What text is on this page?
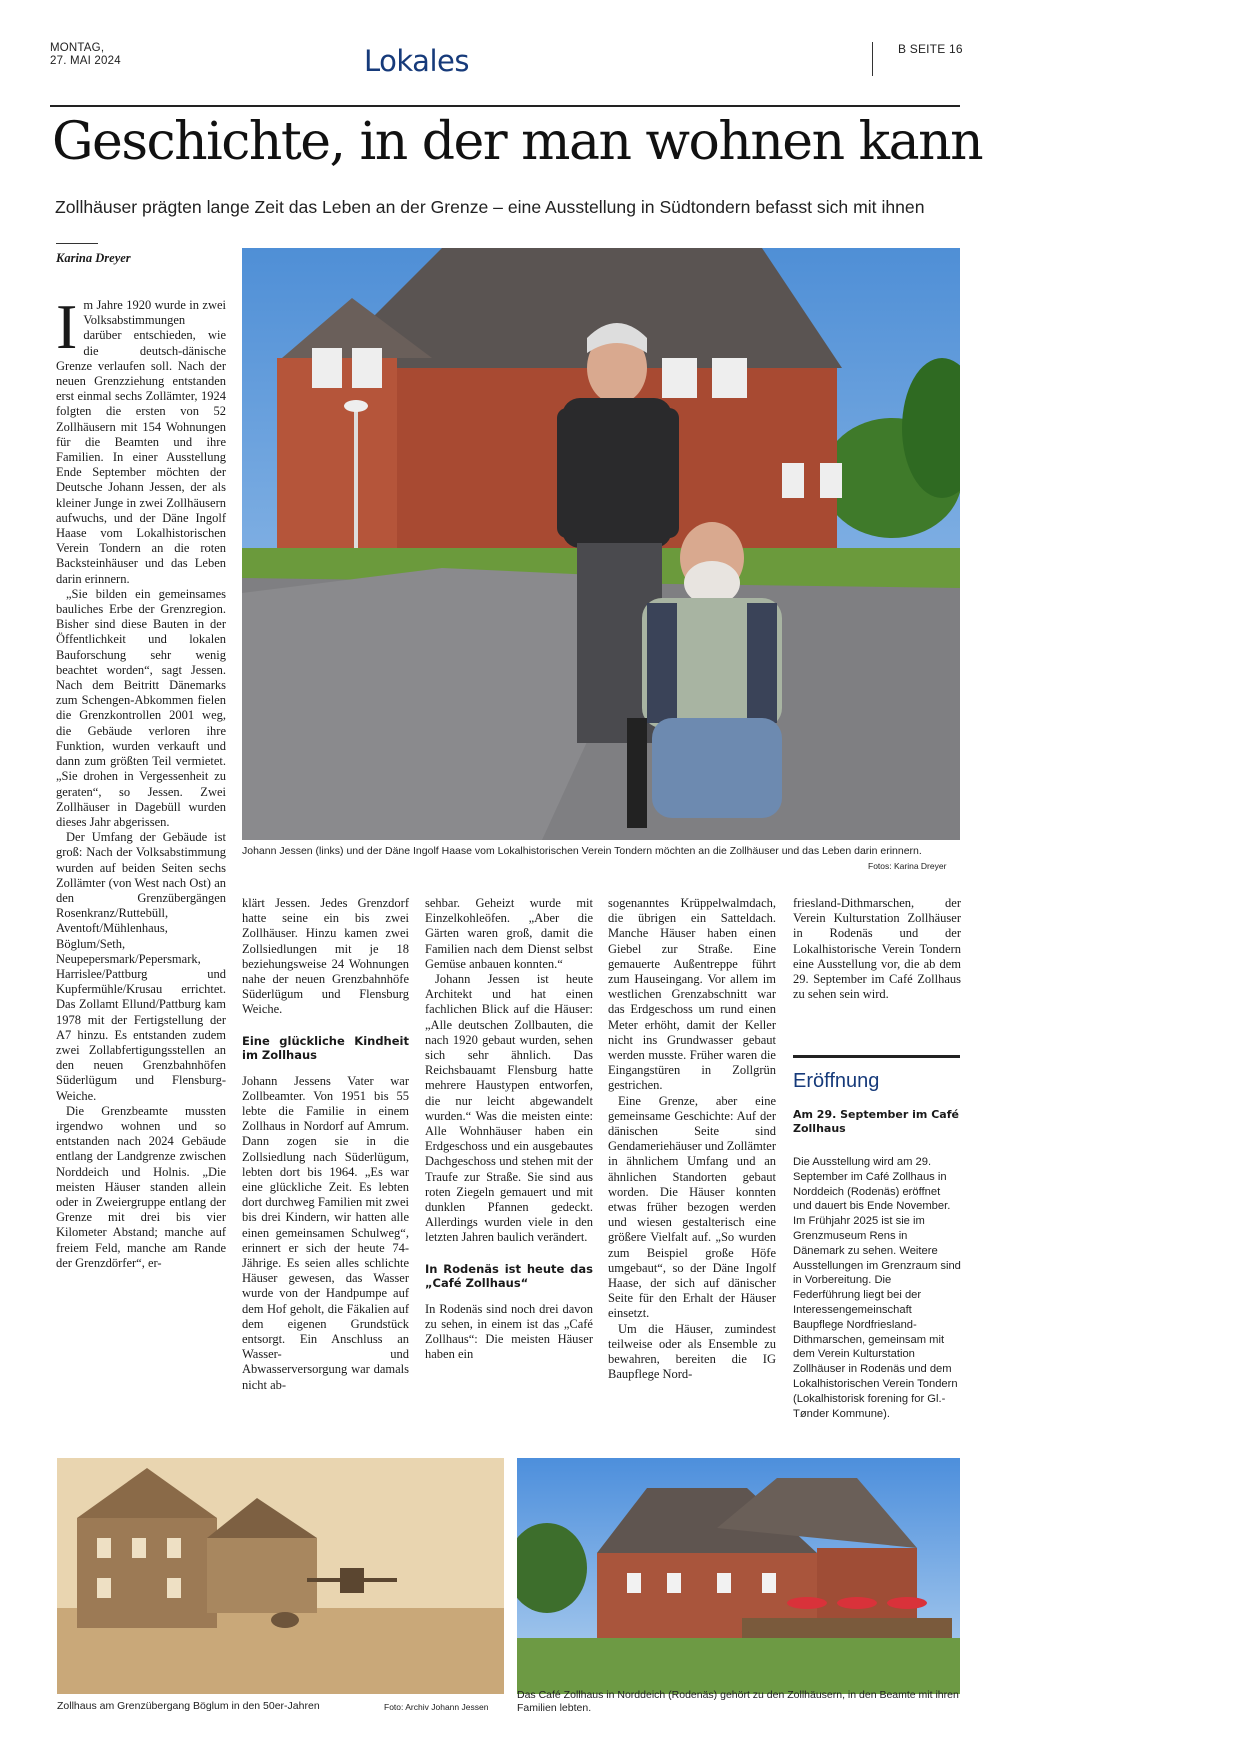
MONTAG,
27. MAI 2024	Lokales	B SEITE 16
Geschichte, in der man wohnen kann
Zollhäuser prägten lange Zeit das Leben an der Grenze – eine Ausstellung in Südtondern befasst sich mit ihnen
Karina Dreyer
Johann Jessen (links) und der Däne Ingolf Haase vom Lokalhistorischen Verein Tondern möchten an die Zollhäuser und das Leben darin erinnern.
Fotos: Karina Dreyer
I m Jahre 1920 wurde in zwei Volksabstimmungen darüber entschieden, wie die deutsch-dänische Grenze verlaufen soll. Nach der neuen Grenzziehung entstanden erst einmal sechs Zollämter, 1924 folgten die ersten von 52 Zollhäusern mit 154 Wohnungen für die Beamten und ihre Familien. In einer Ausstellung Ende September möchten der Deutsche Johann Jessen, der als kleiner Junge in zwei Zollhäusern aufwuchs, und der Däne Ingolf Haase vom Lokalhistorischen Verein Tondern an die roten Backsteinhäuser und das Leben darin erinnern.

„Sie bilden ein gemeinsames bauliches Erbe der Grenzregion. Bisher sind diese Bauten in der Öffentlichkeit und lokalen Bauforschung sehr wenig beachtet worden“, sagt Jessen. Nach dem Beitritt Dänemarks zum Schengen-Abkommen fielen die Grenzkontrollen 2001 weg, die Gebäude verloren ihre Funktion, wurden verkauft und dann zum größten Teil vermietet. „Sie drohen in Vergessenheit zu geraten“, so Jessen. Zwei Zollhäuser in Dagebüll wurden dieses Jahr abgerissen.

Der Umfang der Gebäude ist groß: Nach der Volksabstimmung wurden auf beiden Seiten sechs Zollämter (von West nach Ost) an den Grenzübergängen Rosenkranz/Ruttebüll, Aventoft/Mühlenhaus, Böglum/Seth, Neupepersmark/Pepersmark, Harrislee/Pattburg und Kupfermühle/Krusau errichtet. Das Zollamt Ellund/Pattburg kam 1978 mit der Fertigstellung der A7 hinzu. Es entstanden zudem zwei Zollabfertigungsstellen an den neuen Grenzbahnhöfen Süderlügum und Flensburg-Weiche.

Die Grenzbeamte mussten irgendwo wohnen und so entstanden nach 2024 Gebäude entlang der Landgrenze zwischen Norddeich und Holnis. „Die meisten Häuser standen allein oder in Zweiergruppe entlang der Grenze mit drei bis vier Kilometer Abstand; manche auf freiem Feld, manche am Rande der Grenzdörfer“, er-

klärt Jessen. Jedes Grenzdorf hatte seine ein bis zwei Zollhäuser. Hinzu kamen zwei Zollsiedlungen mit je 18 beziehungsweise 24 Wohnungen nahe der neuen Grenzbahnhöfe Süderlügum und Flensburg Weiche.

Eine glückliche Kindheit im Zollhaus

Johann Jessens Vater war Zollbeamter. Von 1951 bis 55 lebte die Familie in einem Zollhaus in Nordorf auf Amrum. Dann zogen sie in die Zollsiedlung nach Süderlügum, lebten dort bis 1964. „Es war eine glückliche Zeit. Es lebten dort durchweg Familien mit zwei bis drei Kindern, wir hatten alle einen gemeinsamen Schulweg“, erinnert er sich der heute 74-Jährige. Es seien alles schlichte Häuser gewesen, das Wasser wurde von der Handpumpe auf dem Hof geholt, die Fäkalien auf dem eigenen Grundstück entsorgt. Ein Anschluss an Wasser- und Abwasserversorgung war damals nicht ab-

sehbar. Geheizt wurde mit Einzelkohleöfen. „Aber die Gärten waren groß, damit die Familien nach dem Dienst selbst Gemüse anbauen konnten.“

Johann Jessen ist heute Architekt und hat einen fachlichen Blick auf die Häuser: „Alle deutschen Zollbauten, die nach 1920 gebaut wurden, sehen sich sehr ähnlich. Das Reichsbauamt Flensburg hatte mehrere Haustypen entworfen, die nur leicht abgewandelt wurden.“ Was die meisten einte: Alle Wohnhäuser haben ein Erdgeschoss und ein ausgebautes Dachgeschoss und stehen mit der Traufe zur Straße. Sie sind aus roten Ziegeln gemauert und mit dunklen Pfannen gedeckt. Allerdings wurden viele in den letzten Jahren baulich verändert.

In Rodenäs ist heute das „Café Zollhaus“

In Rodenäs sind noch drei davon zu sehen, in einem ist das „Café Zollhaus“: Die meisten Häuser haben ein

sogenanntes Krüppelwalmdach, die übrigen ein Satteldach. Manche Häuser haben einen Giebel zur Straße. Eine gemauerte Außentreppe führt zum Hauseingang. Vor allem im westlichen Grenzabschnitt war das Erdgeschoss um rund einen Meter erhöht, damit der Keller nicht ins Grundwasser gebaut werden musste. Früher waren die Eingangstüren in Zollgrün gestrichen.

Eine Grenze, aber eine gemeinsame Geschichte: Auf der dänischen Seite sind Gendameriehäuser und Zollämter in ähnlichem Umfang und an ähnlichen Standorten gebaut worden. Die Häuser konnten etwas früher bezogen werden und wiesen gestalterisch eine größere Vielfalt auf. „So wurden zum Beispiel große Höfe umgebaut“, so der Däne Ingolf Haase, der sich auf dänischer Seite für den Erhalt der Häuser einsetzt.

Um die Häuser, zumindest teilweise oder als Ensemble zu bewahren, bereiten die IG Baupflege Nord-

friesland-Dithmarschen, der Verein Kulturstation Zollhäuser in Rodenäs und der Lokalhistorische Verein Tondern eine Ausstellung vor, die ab dem 29. September im Café Zollhaus zu sehen sein wird.

Eröffnung
Am 29. September im Café Zollhaus
Die Ausstellung wird am 29. September im Café Zollhaus in Norddeich (Rodenäs) eröffnet und dauert bis Ende November. Im Frühjahr 2025 ist sie im Grenzmuseum Rens in Dänemark zu sehen. Weitere Ausstellungen im Grenzraum sind in Vorbereitung. Die Federführung liegt bei der Interessengemeinschaft Baupflege Nordfriesland-Dithmarschen, gemeinsam mit dem Verein Kulturstation Zollhäuser in Rodenäs und dem Lokalhistorischen Verein Tondern (Lokalhistorisk forening for Gl.-Tønder Kommune).
Zollhaus am Grenzübergang Böglum in den 50er-Jahren	Foto: Archiv Johann Jessen
Das Café Zollhaus in Norddeich (Rodenäs) gehört zu den Zollhäusern, in den Beamte mit ihren Familien lebten.
